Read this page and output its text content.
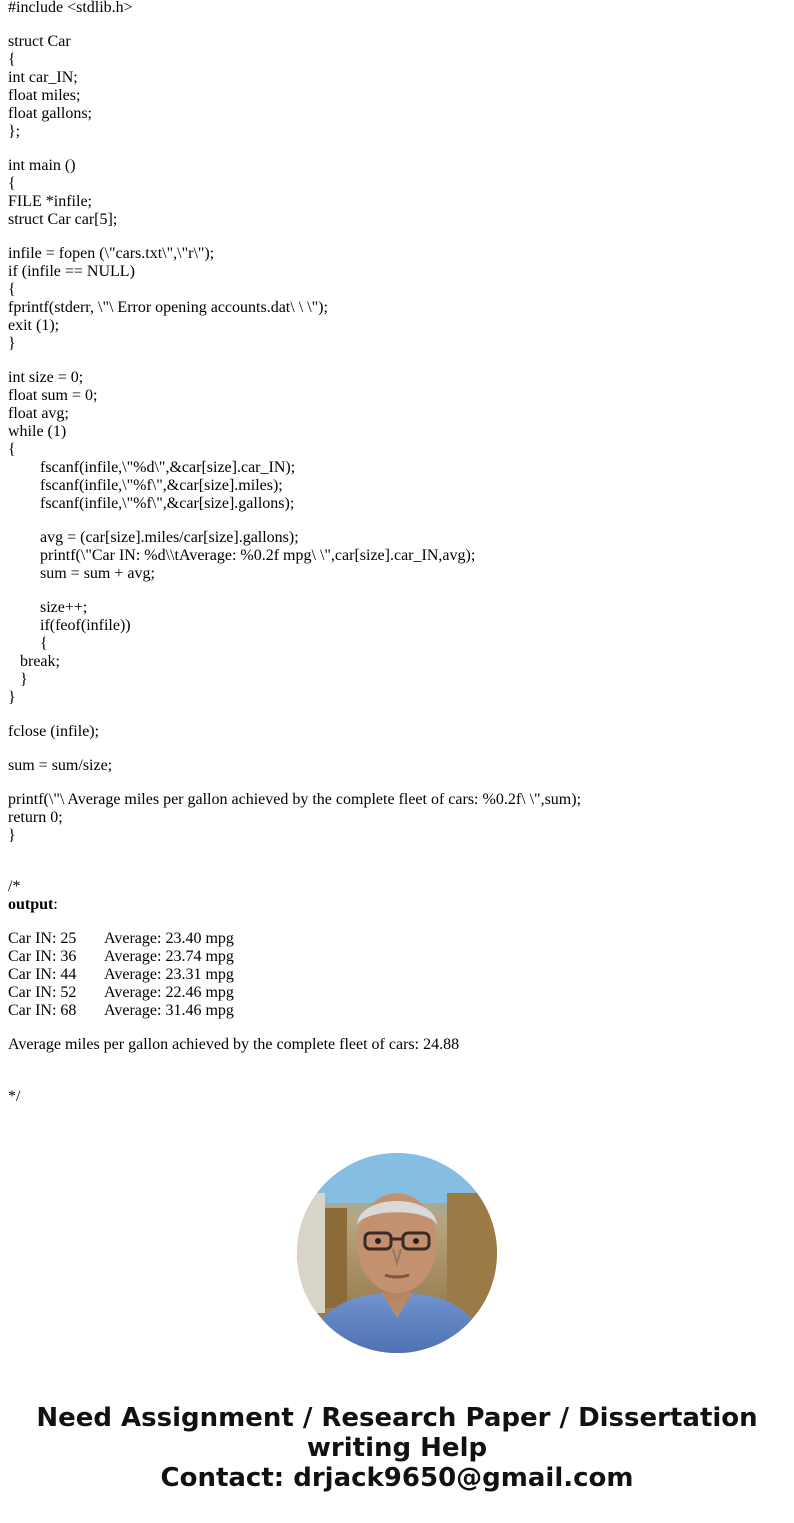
#include <stdlib.h>
struct Car
{
int car_IN;
float miles;
float gallons;
};
int main ()
{
FILE *infile;
struct Car car[5];
infile = fopen (\"cars.txt\",\"r\");
if (infile == NULL)
{
fprintf(stderr, \"\ Error opening accounts.dat\ \ \");
exit (1);
}
int size = 0;
float sum = 0;
float avg;
while (1)
{
fscanf(infile,\"%d\",&car[size].car_IN);
fscanf(infile,\"%f\",&car[size].miles);
fscanf(infile,\"%f\",&car[size].gallons);
avg = (car[size].miles/car[size].gallons);
printf(\"Car IN: %d\\tAverage: %0.2f mpg\ \",car[size].car_IN,avg);
sum = sum + avg;
size++;
if(feof(infile))
{
break;
}
}
fclose (infile);
sum = sum/size;
printf(\"\ Average miles per gallon achieved by the complete fleet of cars: %0.2f\ \",sum);
return 0;
}
/*
output:
Car IN: 25	Average: 23.40 mpg
Car IN: 36	Average: 23.74 mpg
Car IN: 44	Average: 23.31 mpg
Car IN: 52	Average: 22.46 mpg
Car IN: 68	Average: 31.46 mpg
Average miles per gallon achieved by the complete fleet of cars: 24.88
*/
Need Assignment / Research Paper / Dissertation
writing Help
Contact: drjack9650@gmail.com
